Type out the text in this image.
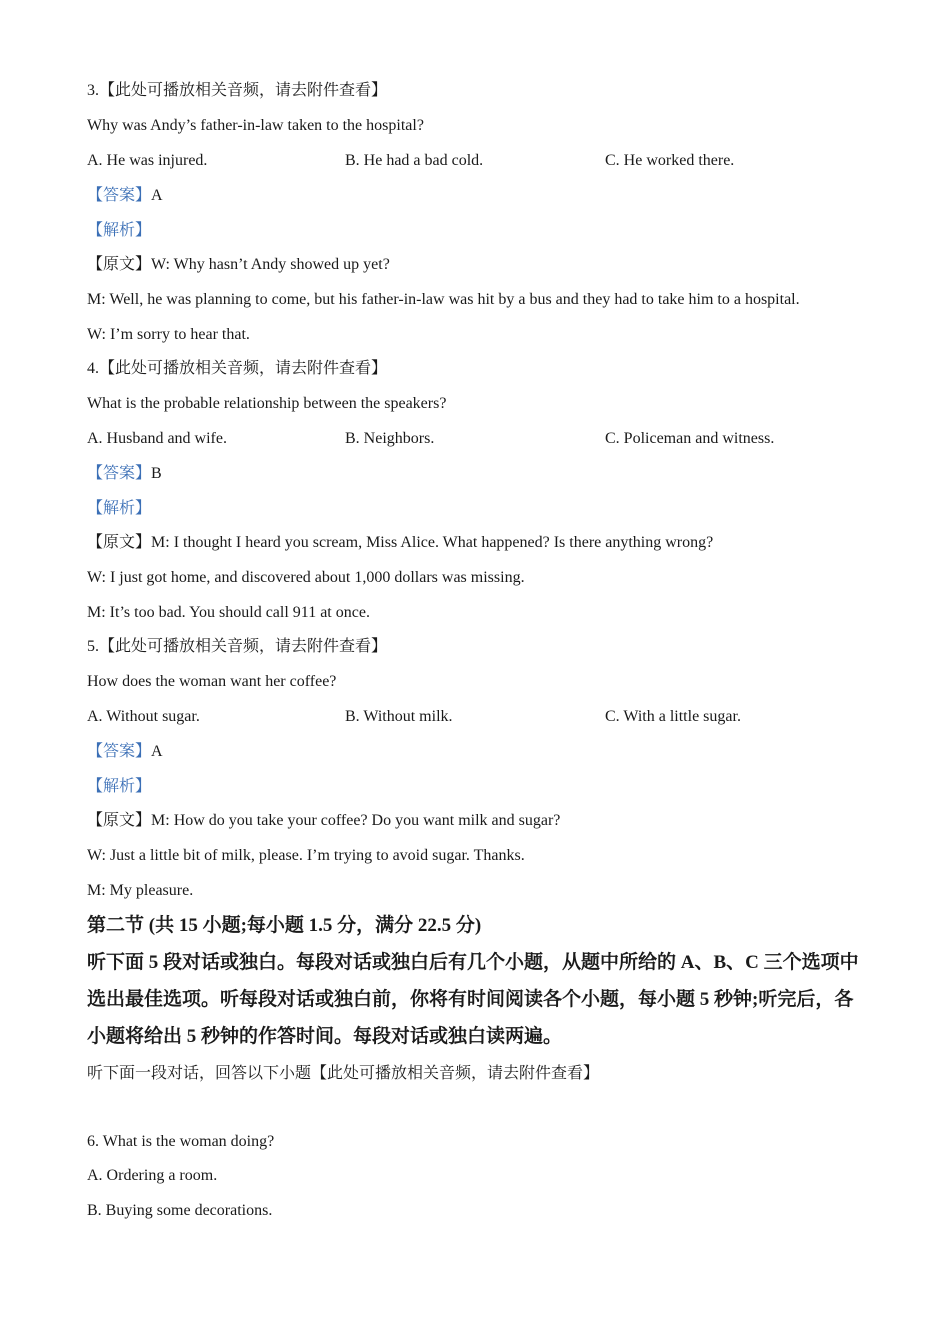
3.【此处可播放相关音频，请去附件查看】
Why was Andy’s father-in-law taken to the hospital?
A. He was injured.	B. He had a bad cold.	C. He worked there.
【答案】A
【解析】
【原文】W: Why hasn’t Andy showed up yet?
M: Well, he was planning to come, but his father-in-law was hit by a bus and they had to take him to a hospital.
W: I’m sorry to hear that.
4.【此处可播放相关音频，请去附件查看】
What is the probable relationship between the speakers?
A. Husband and wife.	B. Neighbors.	C. Policeman and witness.
【答案】B
【解析】
【原文】M: I thought I heard you scream, Miss Alice. What happened? Is there anything wrong?
W: I just got home, and discovered about 1,000 dollars was missing.
M: It’s too bad. You should call 911 at once.
5.【此处可播放相关音频，请去附件查看】
How does the woman want her coffee?
A. Without sugar.	B. Without milk.	C. With a little sugar.
【答案】A
【解析】
【原文】M: How do you take your coffee? Do you want milk and sugar?
W: Just a little bit of milk, please. I’m trying to avoid sugar. Thanks.
M: My pleasure.
第二节 (共 15 小题;每小题 1.5 分，满分 22.5 分)
听下面 5 段对话或独白。每段对话或独白后有几个小题，从题中所给的 A、B、C 三个选项中
选出最佳选项。听每段对话或独白前，你将有时间阅读各个小题，每小题 5 秒钟;听完后，各
小题将给出 5 秒钟的作答时间。每段对话或独白读两遍。
听下面一段对话，回答以下小题【此处可播放相关音频，请去附件查看】
6. What is the woman doing?
A. Ordering a room.
B. Buying some decorations.
